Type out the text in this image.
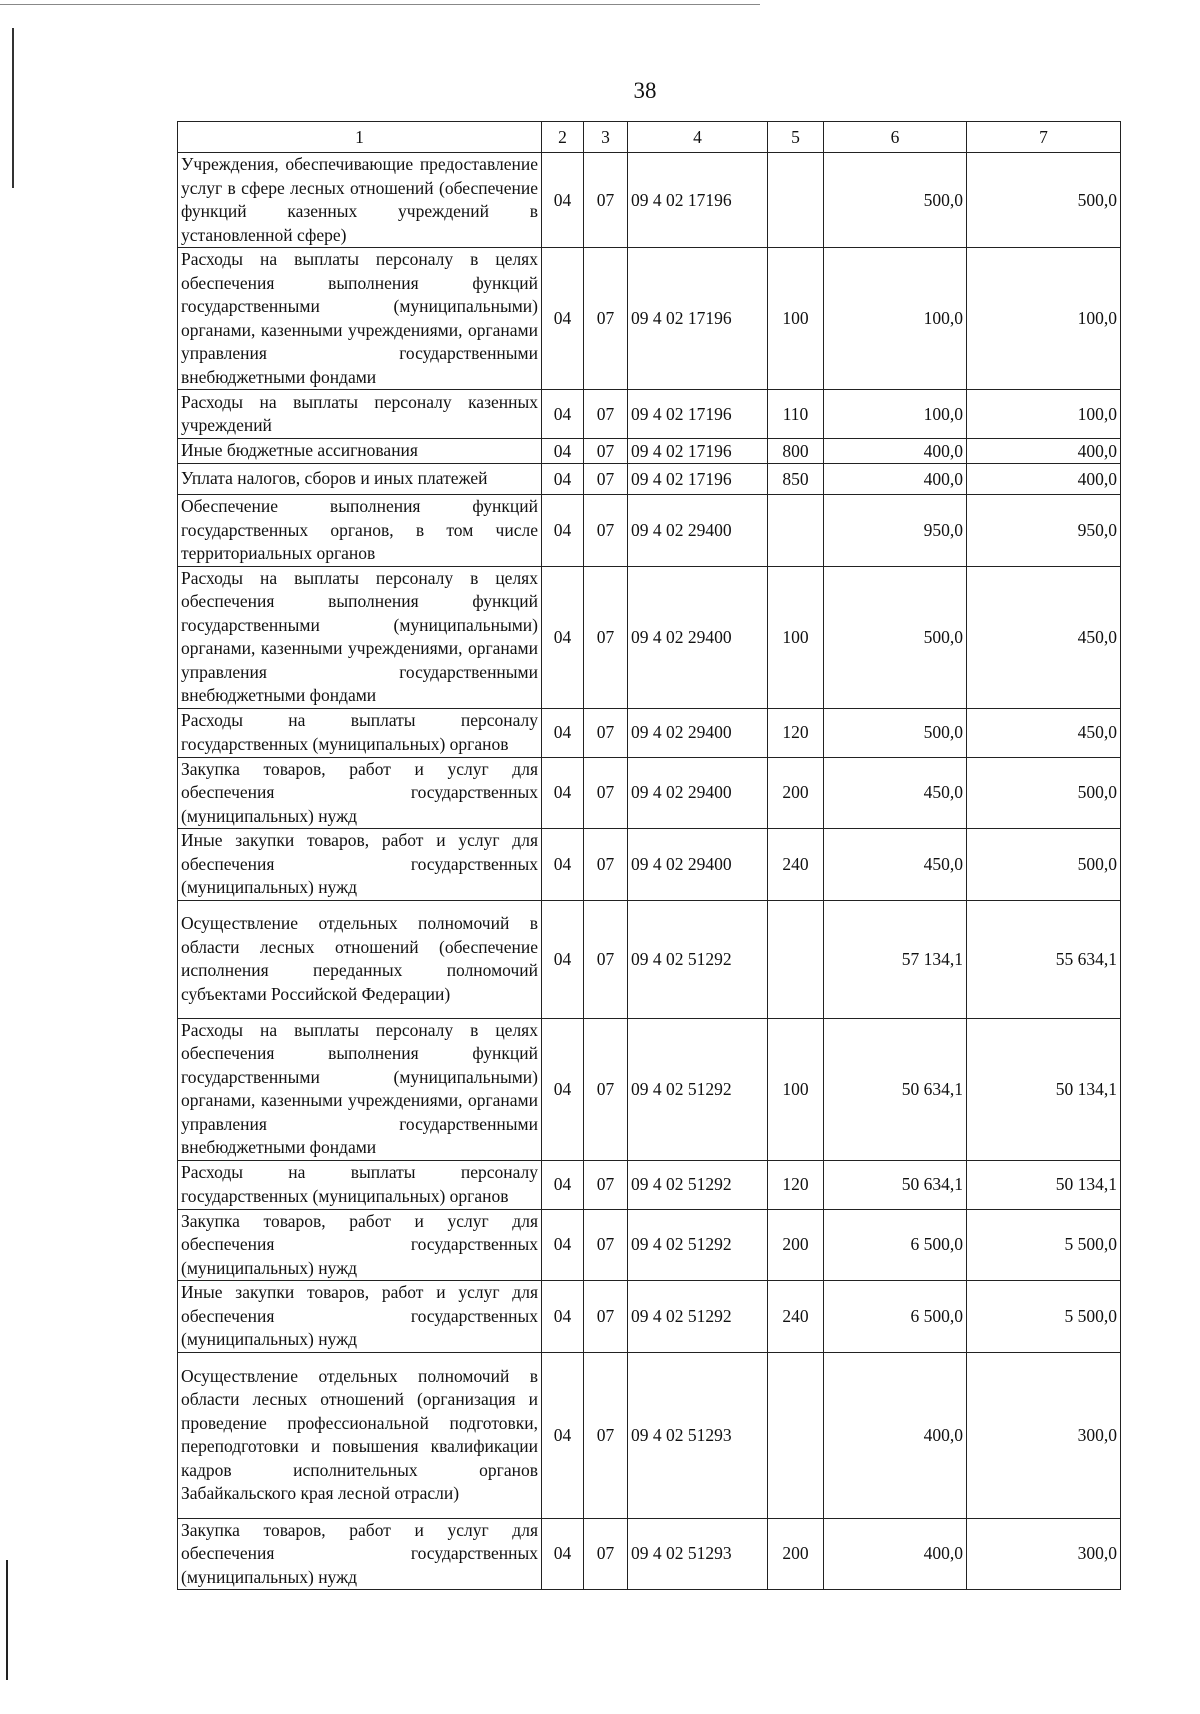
38
1	2	3	4	5	6	7
Учреждения, обеспечивающие предоставление услуг в сфере лесных отношений (обеспечение функций казенных учреждений в установленной сфере)	04	07	09 4 02 17196		500,0	500,0
Расходы на выплаты персоналу в целях обеспечения выполнения функций государственными (муниципальными) органами, казенными учреждениями, органами управления государственными внебюджетными фондами	04	07	09 4 02 17196	100	100,0	100,0
Расходы на выплаты персоналу казенных учреждений	04	07	09 4 02 17196	110	100,0	100,0
Иные бюджетные ассигнования	04	07	09 4 02 17196	800	400,0	400,0
Уплата налогов, сборов и иных платежей	04	07	09 4 02 17196	850	400,0	400,0
Обеспечение выполнения функций государственных органов, в том числе территориальных органов	04	07	09 4 02 29400		950,0	950,0
Расходы на выплаты персоналу в целях обеспечения выполнения функций государственными (муниципальными) органами, казенными учреждениями, органами управления государственными внебюджетными фондами	04	07	09 4 02 29400	100	500,0	450,0
Расходы на выплаты персоналу государственных (муниципальных) органов	04	07	09 4 02 29400	120	500,0	450,0
Закупка товаров, работ и услуг для обеспечения государственных (муниципальных) нужд	04	07	09 4 02 29400	200	450,0	500,0
Иные закупки товаров, работ и услуг для обеспечения государственных (муниципальных) нужд	04	07	09 4 02 29400	240	450,0	500,0
Осуществление отдельных полномочий в области лесных отношений (обеспечение исполнения переданных полномочий субъектами Российской Федерации)	04	07	09 4 02 51292		57 134,1	55 634,1
Расходы на выплаты персоналу в целях обеспечения выполнения функций государственными (муниципальными) органами, казенными учреждениями, органами управления государственными внебюджетными фондами	04	07	09 4 02 51292	100	50 634,1	50 134,1
Расходы на выплаты персоналу государственных (муниципальных) органов	04	07	09 4 02 51292	120	50 634,1	50 134,1
Закупка товаров, работ и услуг для обеспечения государственных (муниципальных) нужд	04	07	09 4 02 51292	200	6 500,0	5 500,0
Иные закупки товаров, работ и услуг для обеспечения государственных (муниципальных) нужд	04	07	09 4 02 51292	240	6 500,0	5 500,0
Осуществление отдельных полномочий в области лесных отношений (организация и проведение профессиональной подготовки, переподготовки и повышения квалификации кадров исполнительных органов Забайкальского края лесной отрасли)	04	07	09 4 02 51293		400,0	300,0
Закупка товаров, работ и услуг для обеспечения государственных (муниципальных) нужд	04	07	09 4 02 51293	200	400,0	300,0
